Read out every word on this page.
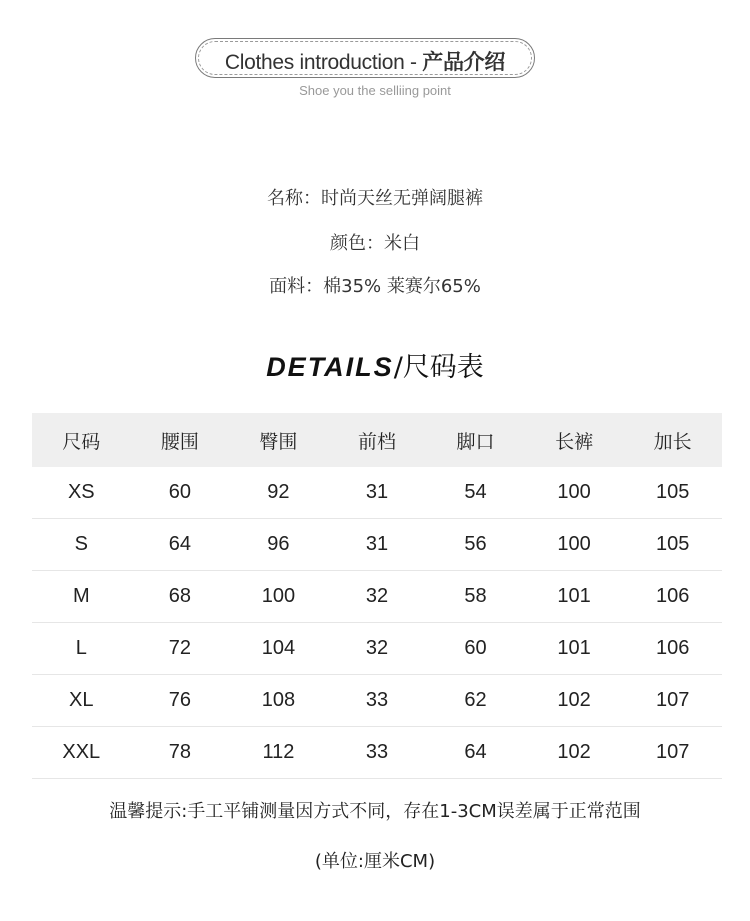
Clothes introduction - 产品介绍
Shoe you the selliing point
名称：时尚天丝无弹阔腿裤
颜色：米白
面料：棉35% 莱赛尔65%
DETAILS/尺码表
尺码	腰围	臀围	前档	脚口	长裤	加长
XS	60	92	31	54	100	105
S	64	96	31	56	100	105
M	68	100	32	58	101	106
L	72	104	32	60	101	106
XL	76	108	33	62	102	107
XXL	78	112	33	64	102	107
温馨提示:手工平铺测量因方式不同，存在1-3CM误差属于正常范围
(单位:厘米CM)
